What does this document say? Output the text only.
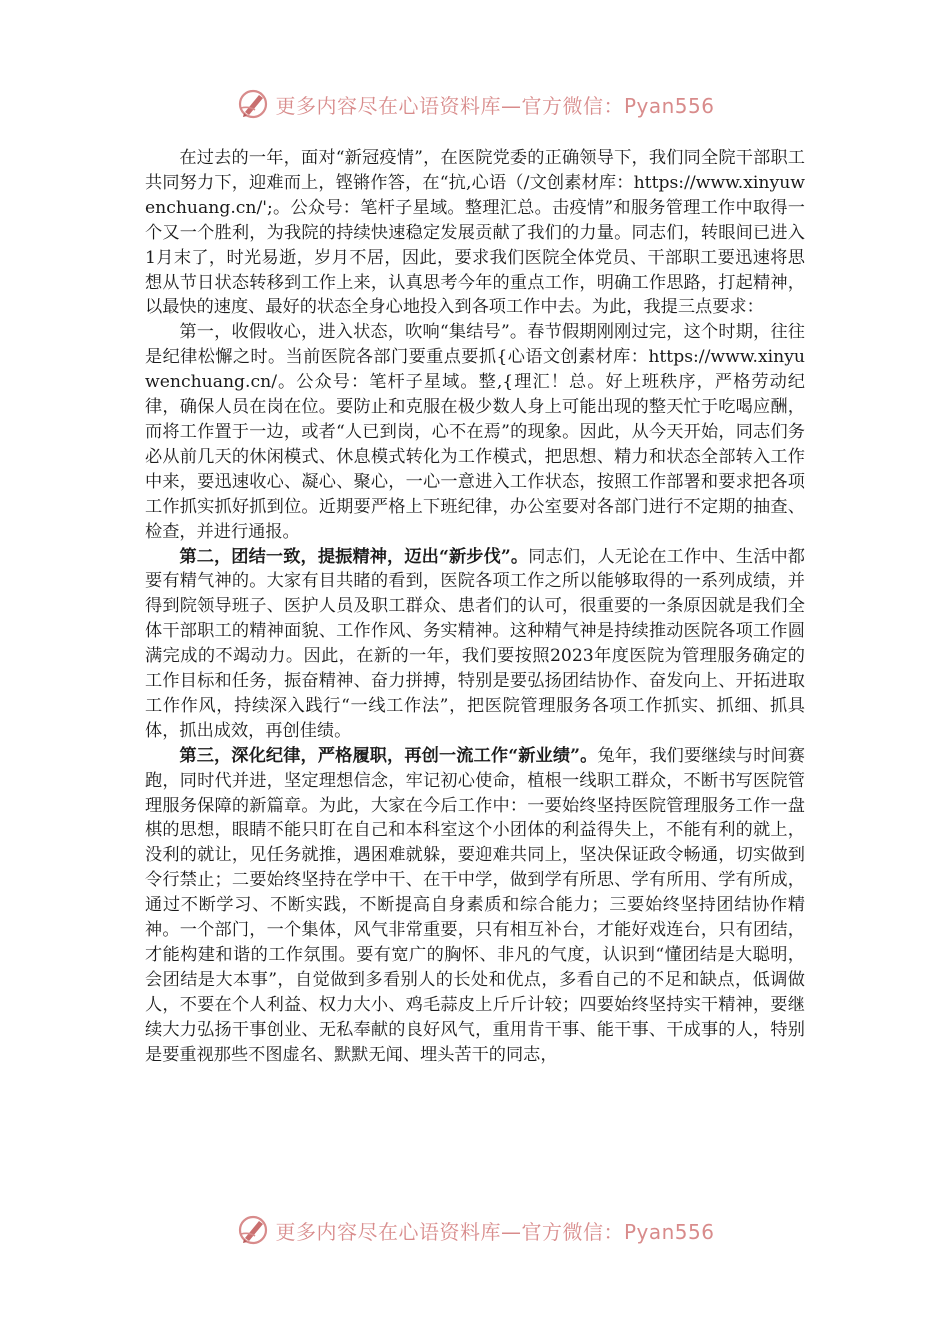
更多内容尽在心语资料库—官方微信：Pyan556

在过去的一年，面对“新冠疫情”，在医院党委的正确领导下，我们同全院干部职工共同努力下，迎难而上，铿锵作答，在“抗,心语（/文创素材库：https://www.xinyuwenchuang.cn/';。公众号：笔杆子星域。整理汇总。击疫情”和服务管理工作中取得一个又一个胜利，为我院的持续快速稳定发展贡献了我们的力量。同志们，转眼间已进入1月末了，时光易逝，岁月不居，因此，要求我们医院全体党员、干部职工要迅速将思想从节日状态转移到工作上来，认真思考今年的重点工作，明确工作思路，打起精神，以最快的速度、最好的状态全身心地投入到各项工作中去。为此，我提三点要求：

第一，收假收心，进入状态，吹响“集结号”。春节假期刚刚过完，这个时期，往往是纪律松懈之时。当前医院各部门要重点要抓{心语文创素材库：https://www.xinyuwenchuang.cn/。公众号：笔杆子星域。整,{理汇！总。好上班秩序，严格劳动纪律，确保人员在岗在位。要防止和克服在极少数人身上可能出现的整天忙于吃喝应酬，而将工作置于一边，或者“人已到岗，心不在焉”的现象。因此，从今天开始，同志们务必从前几天的休闲模式、休息模式转化为工作模式，把思想、精力和状态全部转入工作中来，要迅速收心、凝心、聚心，一心一意进入工作状态，按照工作部署和要求把各项工作抓实抓好抓到位。近期要严格上下班纪律，办公室要对各部门进行不定期的抽查、检查，并进行通报。

第二，团结一致，提振精神，迈出“新步伐”。同志们，人无论在工作中、生活中都要有精气神的。大家有目共睹的看到，医院各项工作之所以能够取得的一系列成绩，并得到院领导班子、医护人员及职工群众、患者们的认可，很重要的一条原因就是我们全体干部职工的精神面貌、工作作风、务实精神。这种精气神是持续推动医院各项工作圆满完成的不竭动力。因此，在新的一年，我们要按照2023年度医院为管理服务确定的工作目标和任务，振奋精神、奋力拼搏，特别是要弘扬团结协作、奋发向上、开拓进取工作作风，持续深入践行“一线工作法”，把医院管理服务各项工作抓实、抓细、抓具体，抓出成效，再创佳绩。

第三，深化纪律，严格履职，再创一流工作“新业绩”。兔年，我们要继续与时间赛跑，同时代并进，坚定理想信念，牢记初心使命，植根一线职工群众，不断书写医院管理服务保障的新篇章。为此，大家在今后工作中：一要始终坚持医院管理服务工作一盘棋的思想，眼睛不能只盯在自己和本科室这个小团体的利益得失上，不能有利的就上，没利的就让，见任务就推，遇困难就躲，要迎难共同上，坚决保证政令畅通，切实做到令行禁止；二要始终坚持在学中干、在干中学，做到学有所思、学有所用、学有所成，通过不断学习、不断实践，不断提高自身素质和综合能力；三要始终坚持团结协作精神。一个部门，一个集体，风气非常重要，只有相互补台，才能好戏连台，只有团结，才能构建和谐的工作氛围。要有宽广的胸怀、非凡的气度，认识到“懂团结是大聪明，会团结是大本事”，自觉做到多看别人的长处和优点，多看自己的不足和缺点，低调做人，不要在个人利益、权力大小、鸡毛蒜皮上斤斤计较；四要始终坚持实干精神，要继续大力弘扬干事创业、无私奉献的良好风气，重用肯干事、能干事、干成事的人，特别是要重视那些不图虚名、默默无闻、埋头苦干的同志，

更多内容尽在心语资料库—官方微信：Pyan556
